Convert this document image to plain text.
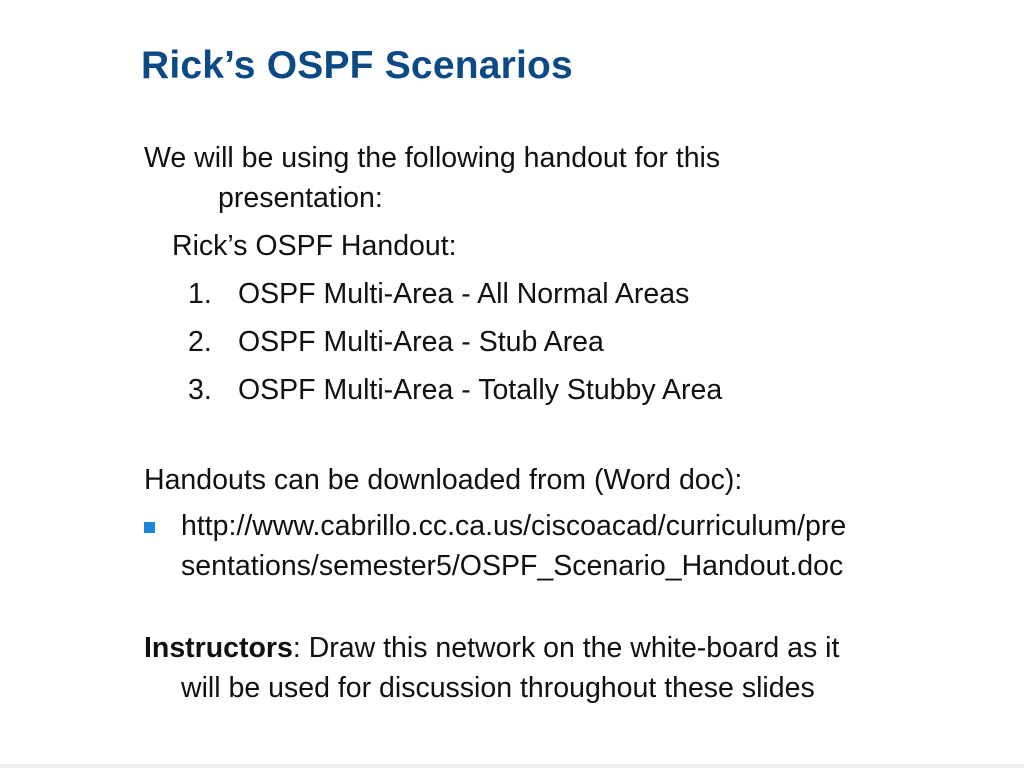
Rick’s OSPF Scenarios
We will be using the following handout for this
presentation:
Rick’s OSPF Handout:
1. OSPF Multi-Area - All Normal Areas
2. OSPF Multi-Area - Stub Area
3. OSPF Multi-Area - Totally Stubby Area
Handouts can be downloaded from (Word doc):
http://www.cabrillo.cc.ca.us/ciscoacad/curriculum/pre
sentations/semester5/OSPF_Scenario_Handout.doc
Instructors: Draw this network on the white-board as it
will be used for discussion throughout these slides
